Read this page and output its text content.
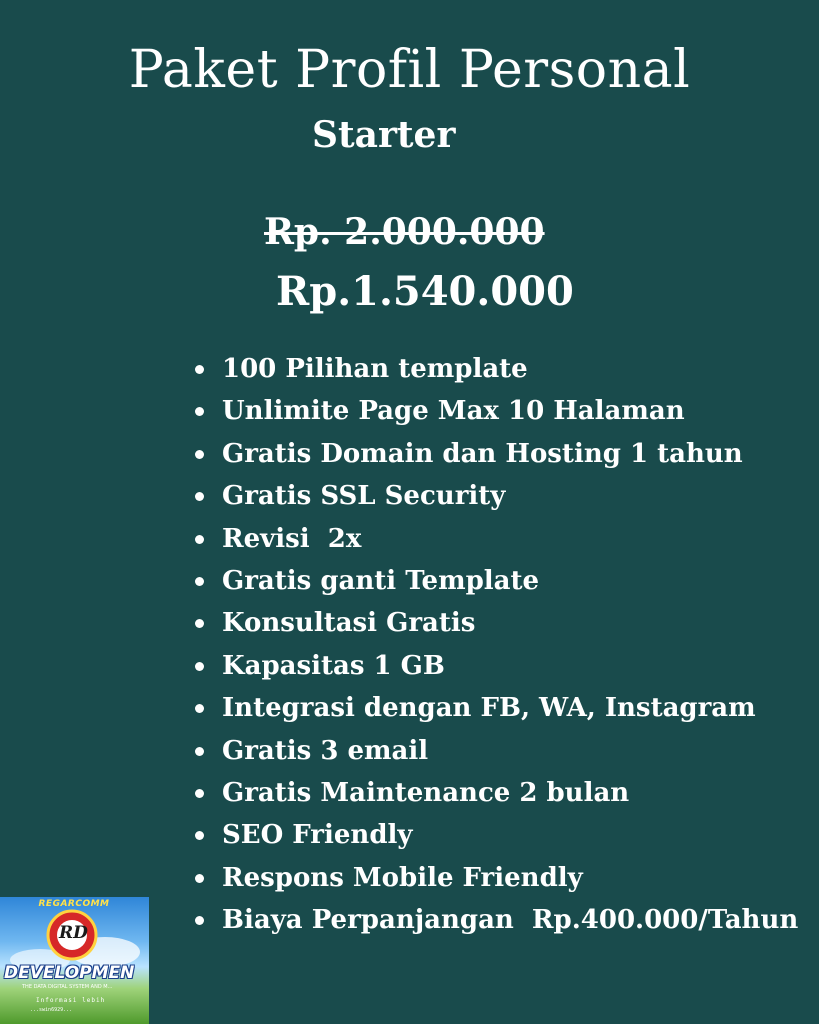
Paket Profil Personal
Starter
Rp. 2.000.000
Rp.1.540.000
100 Pilihan template
Unlimite Page Max 10 Halaman
Gratis Domain dan Hosting 1 tahun
Gratis SSL Security
Revisi  2x
Gratis ganti Template
Konsultasi Gratis
Kapasitas 1 GB
Integrasi dengan FB, WA, Instagram
Gratis 3 email
Gratis Maintenance 2 bulan
SEO Friendly
Respons Mobile Friendly
Biaya Perpanjangan  Rp.400.000/Tahun
RD
REGARCOMM
DEVELOPMEN
THE DATA DIGITAL SYSTEM AND M...
Informasi lebih
...swin6929...
